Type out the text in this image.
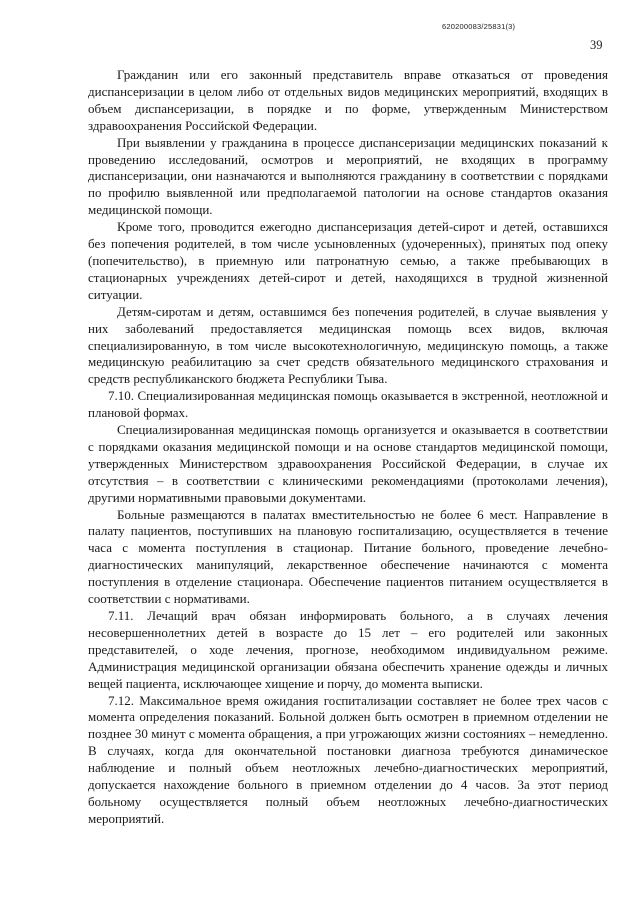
620200083/25831(3)
39

Гражданин или его законный представитель вправе отказаться от проведения диспансеризации в целом либо от отдельных видов медицинских мероприятий, входящих в объем диспансеризации, в порядке и по форме, утвержденным Министерством здравоохранения Российской Федерации.

При выявлении у гражданина в процессе диспансеризации медицинских показаний к проведению исследований, осмотров и мероприятий, не входящих в программу диспансеризации, они назначаются и выполняются гражданину в соответствии с порядками по профилю выявленной или предполагаемой патологии на основе стандартов оказания медицинской помощи.

Кроме того, проводится ежегодно диспансеризация детей-сирот и детей, оставшихся без попечения родителей, в том числе усыновленных (удочеренных), принятых под опеку (попечительство), в приемную или патронатную семью, а также пребывающих в стационарных учреждениях детей-сирот и детей, находящихся в трудной жизненной ситуации.

Детям-сиротам и детям, оставшимся без попечения родителей, в случае выявления у них заболеваний предоставляется медицинская помощь всех видов, включая специализированную, в том числе высокотехнологичную, медицинскую помощь, а также медицинскую реабилитацию за счет средств обязательного медицинского страхования и средств республиканского бюджета Республики Тыва.

7.10. Специализированная медицинская помощь оказывается в экстренной, неотложной и плановой формах.

Специализированная медицинская помощь организуется и оказывается в соответствии с порядками оказания медицинской помощи и на основе стандартов медицинской помощи, утвержденных Министерством здравоохранения Российской Федерации, в случае их отсутствия – в соответствии с клиническими рекомендациями (протоколами лечения), другими нормативными правовыми документами.

Больные размещаются в палатах вместительностью не более 6 мест. Направление в палату пациентов, поступивших на плановую госпитализацию, осуществляется в течение часа с момента поступления в стационар. Питание больного, проведение лечебно-диагностических манипуляций, лекарственное обеспечение начинаются с момента поступления в отделение стационара. Обеспечение пациентов питанием осуществляется в соответствии с нормативами.

7.11. Лечащий врач обязан информировать больного, а в случаях лечения несовершеннолетних детей в возрасте до 15 лет – его родителей или законных представителей, о ходе лечения, прогнозе, необходимом индивидуальном режиме. Администрация медицинской организации обязана обеспечить хранение одежды и личных вещей пациента, исключающее хищение и порчу, до момента выписки.

7.12. Максимальное время ожидания госпитализации составляет не более трех часов с момента определения показаний. Больной должен быть осмотрен в приемном отделении не позднее 30 минут с момента обращения, а при угрожающих жизни состояниях – немедленно. В случаях, когда для окончательной постановки диагноза требуются динамическое наблюдение и полный объем неотложных лечебно-диагностических мероприятий, допускается нахождение больного в приемном отделении до 4 часов. За этот период больному осуществляется полный объем неотложных лечебно-диагностических мероприятий.
